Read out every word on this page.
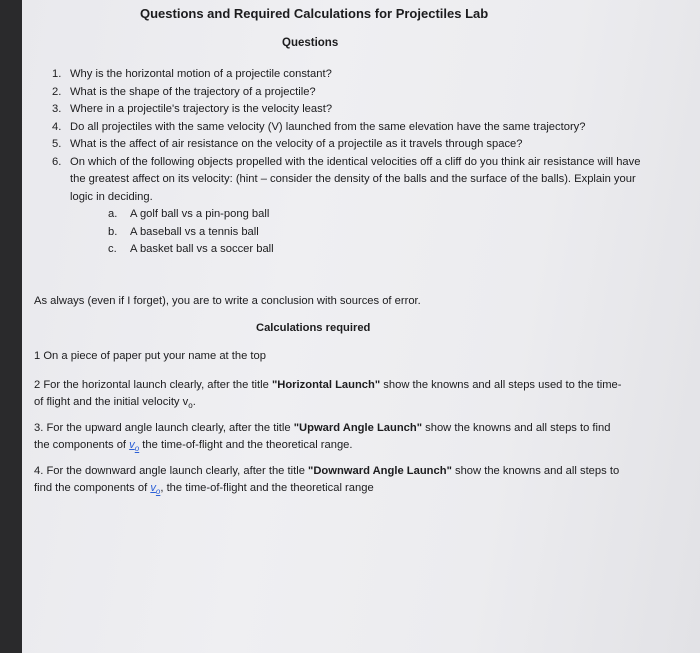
Questions and Required Calculations for Projectiles Lab
Questions
1. Why is the horizontal motion of a projectile constant?
2. What is the shape of the trajectory of a projectile?
3. Where in a projectile's trajectory is the velocity least?
4. Do all projectiles with the same velocity (V) launched from the same elevation have the same trajectory?
5. What is the affect of air resistance on the velocity of a projectile as it travels through space?
6. On which of the following objects propelled with the identical velocities off a cliff do you think air resistance will have the greatest affect on its velocity: (hint – consider the density of the balls and the surface of the balls). Explain your logic in deciding.
a. A golf ball vs a pin-pong ball
b. A baseball vs a tennis ball
c. A basket ball vs a soccer ball
As always (even if I forget), you are to write a conclusion with sources of error.
Calculations required
1 On a piece of paper put your name at the top
2 For the horizontal launch clearly, after the title "Horizontal Launch" show the knowns and all steps used to the time-of flight and the initial velocity $v_o$.
3. For the upward angle launch clearly, after the title "Upward Angle Launch" show the knowns and all steps to find the components of $v_o$ the time-of-flight and the theoretical range.
4. For the downward angle launch clearly, after the title "Downward Angle Launch" show the knowns and all steps to find the components of $v_o$, the time-of-flight and the theoretical range
